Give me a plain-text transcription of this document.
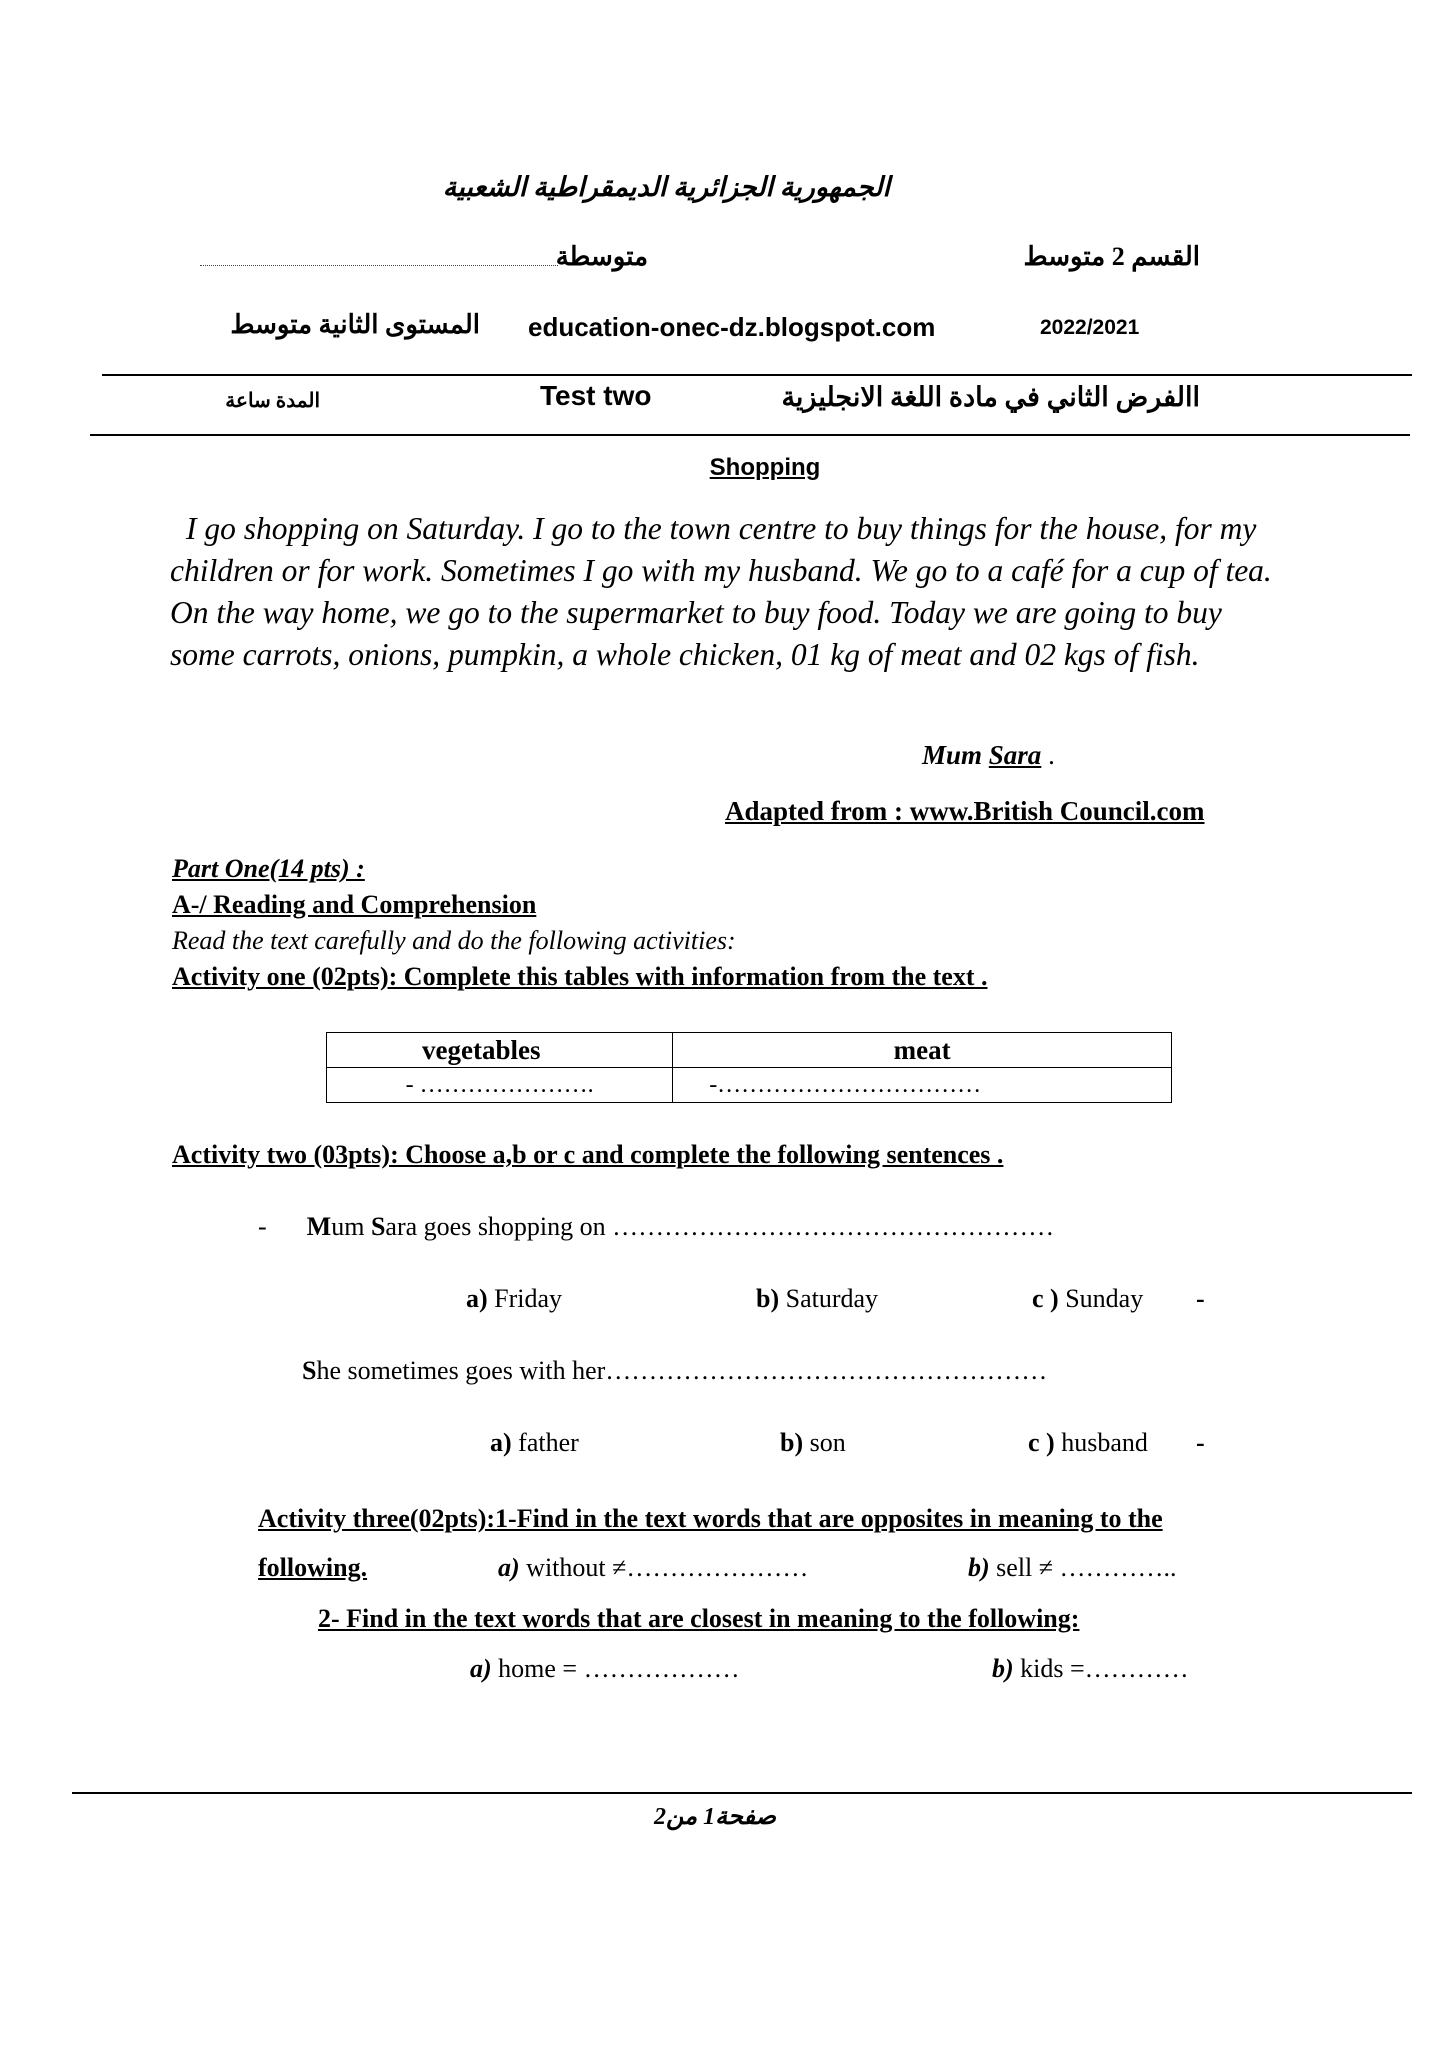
الجمهورية الجزائرية الديمقراطية الشعبية
متوسطة	القسم 2 متوسط
المستوى الثانية متوسط education-onec-dz.blogspot.com	2022/2021
المدة ساعة	Test two	االفرض الثاني في مادة اللغة الانجليزية
Shopping

I go shopping on Saturday. I go to the town centre to buy things for the house, for my children or for work. Sometimes I go with my husband. We go to a café for a cup of tea. On the way home, we go to the supermarket to buy food. Today we are going to buy some carrots, onions, pumpkin, a whole chicken, 01 kg of meat and 02 kgs of fish.

Mum Sara .
Adapted from : www.British Council.com
Part One(14 pts) :
A-/ Reading and Comprehension
Read the text carefully and do the following activities:
Activity one (02pts): Complete this tables with information from the text .
vegetables	meat
- ………………….	-……………………………
Activity two (03pts): Choose a,b or c and complete the following sentences .
- Mum Sara goes shopping on ……………………………………………
a) Friday	b) Saturday	c ) Sunday -
She sometimes goes with her……………………………………………
a) father	b) son	c ) husband -
Activity three(02pts):1-Find in the text words that are opposites in meaning to the
following.	a) without ≠…………………	b) sell ≠ …………..
2- Find in the text words that are closest in meaning to the following:
a) home = ………………	b) kids =…………
صفحة1 من2
